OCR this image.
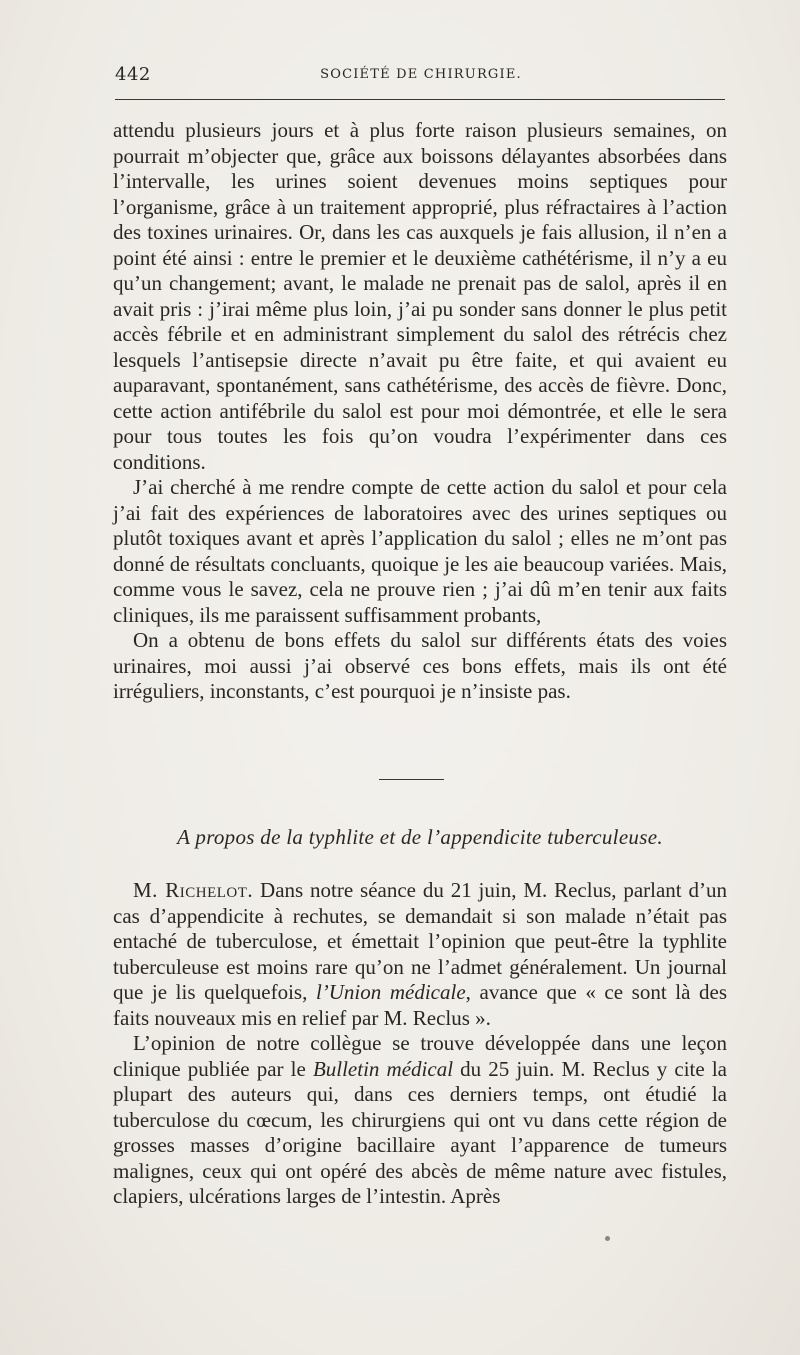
442	SOCIÉTÉ DE CHIRURGIE.

attendu plusieurs jours et à plus forte raison plusieurs semaines, on pourrait m’objecter que, grâce aux boissons délayantes absorbées dans l’intervalle, les urines soient devenues moins septiques pour l’organisme, grâce à un traitement approprié, plus réfractaires à l’action des toxines urinaires. Or, dans les cas auxquels je fais allusion, il n’en a point été ainsi : entre le premier et le deuxième cathétérisme, il n’y a eu qu’un changement; avant, le malade ne prenait pas de salol, après il en avait pris : j’irai même plus loin, j’ai pu sonder sans donner le plus petit accès fébrile et en administrant simplement du salol des rétrécis chez lesquels l’antisepsie directe n’avait pu être faite, et qui avaient eu auparavant, spontanément, sans cathétérisme, des accès de fièvre. Donc, cette action antifébrile du salol est pour moi démontrée, et elle le sera pour tous toutes les fois qu’on voudra l’expérimenter dans ces conditions.

J’ai cherché à me rendre compte de cette action du salol et pour cela j’ai fait des expériences de laboratoires avec des urines septiques ou plutôt toxiques avant et après l’application du salol ; elles ne m’ont pas donné de résultats concluants, quoique je les aie beaucoup variées. Mais, comme vous le savez, cela ne prouve rien ; j’ai dû m’en tenir aux faits cliniques, ils me paraissent suffisamment probants,

On a obtenu de bons effets du salol sur différents états des voies urinaires, moi aussi j’ai observé ces bons effets, mais ils ont été irréguliers, inconstants, c’est pourquoi je n’insiste pas.

A propos de la typhlite et de l’appendicite tuberculeuse.

M. Richelot. Dans notre séance du 21 juin, M. Reclus, parlant d’un cas d’appendicite à rechutes, se demandait si son malade n’était pas entaché de tuberculose, et émettait l’opinion que peut-être la typhlite tuberculeuse est moins rare qu’on ne l’admet généralement. Un journal que je lis quelquefois, l’Union médicale, avance que « ce sont là des faits nouveaux mis en relief par M. Reclus ».

L’opinion de notre collègue se trouve développée dans une leçon clinique publiée par le Bulletin médical du 25 juin. M. Reclus y cite la plupart des auteurs qui, dans ces derniers temps, ont étudié la tuberculose du cœcum, les chirurgiens qui ont vu dans cette région de grosses masses d’origine bacillaire ayant l’apparence de tumeurs malignes, ceux qui ont opéré des abcès de même nature avec fistules, clapiers, ulcérations larges de l’intestin. Après
